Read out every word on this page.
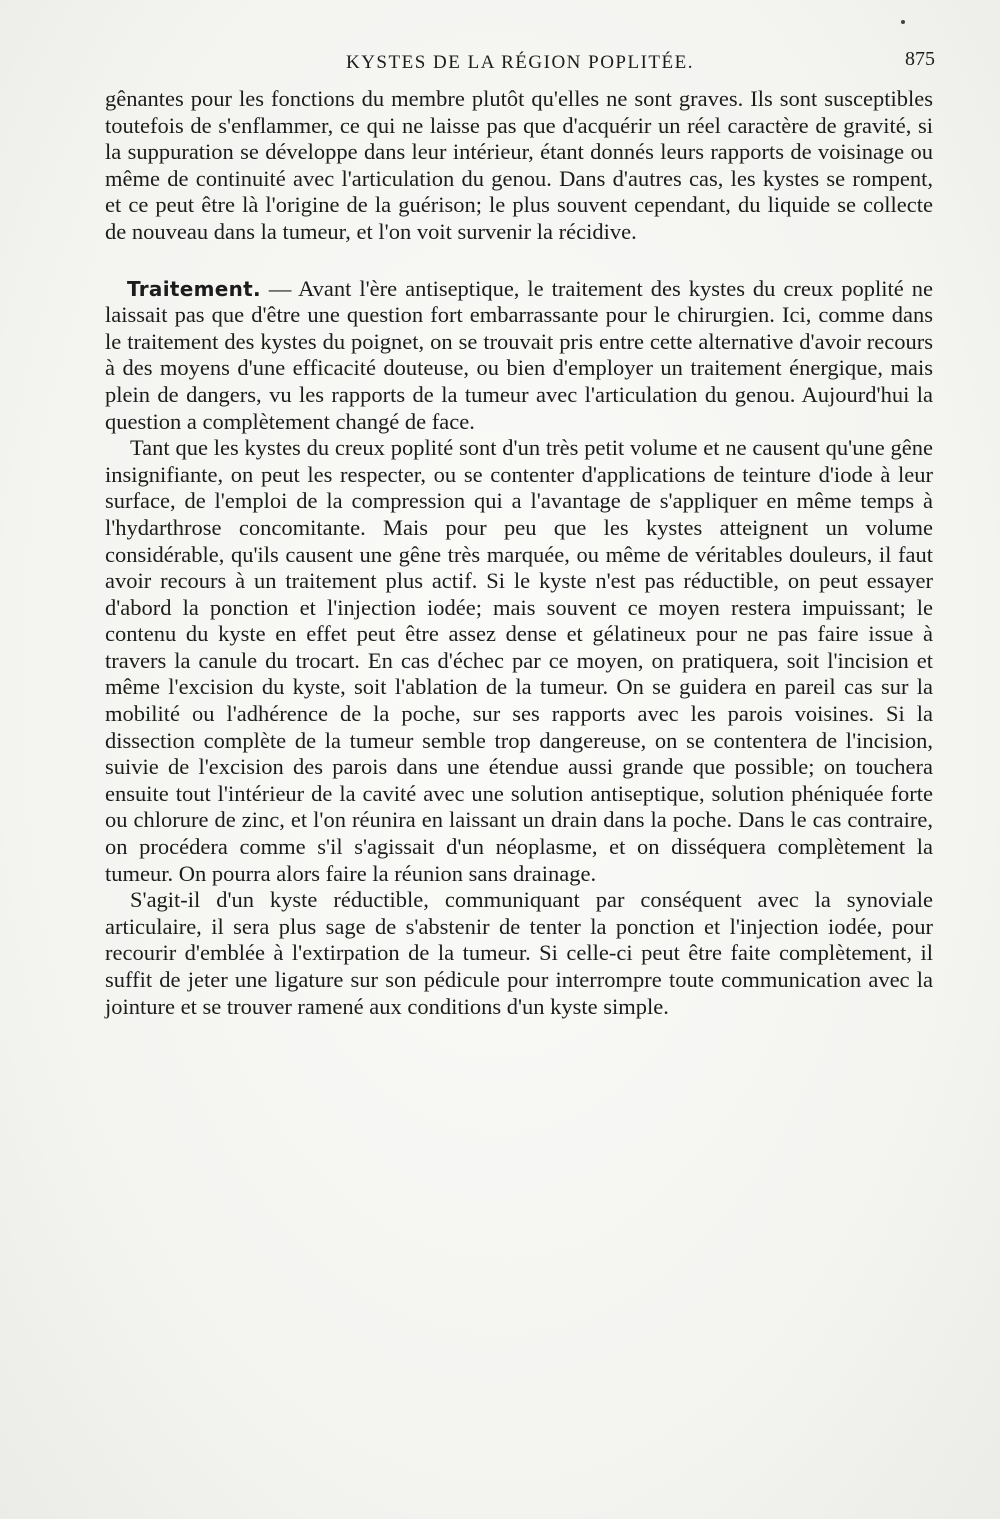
KYSTES DE LA RÉGION POPLITÉE.	875

gênantes pour les fonctions du membre plutôt qu'elles ne sont graves. Ils sont susceptibles toutefois de s'enflammer, ce qui ne laisse pas que d'acquérir un réel caractère de gravité, si la suppuration se développe dans leur intérieur, étant donnés leurs rapports de voisinage ou même de continuité avec l'articulation du genou. Dans d'autres cas, les kystes se rompent, et ce peut être là l'origine de la guérison; le plus souvent cependant, du liquide se collecte de nouveau dans la tumeur, et l'on voit survenir la récidive.

Traitement. — Avant l'ère antiseptique, le traitement des kystes du creux poplité ne laissait pas que d'être une question fort embarrassante pour le chirurgien. Ici, comme dans le traitement des kystes du poignet, on se trouvait pris entre cette alternative d'avoir recours à des moyens d'une efficacité douteuse, ou bien d'employer un traitement énergique, mais plein de dangers, vu les rapports de la tumeur avec l'articulation du genou. Aujourd'hui la question a complètement changé de face.

Tant que les kystes du creux poplité sont d'un très petit volume et ne causent qu'une gêne insignifiante, on peut les respecter, ou se contenter d'applications de teinture d'iode à leur surface, de l'emploi de la compression qui a l'avantage de s'appliquer en même temps à l'hydarthrose concomitante. Mais pour peu que les kystes atteignent un volume considérable, qu'ils causent une gêne très marquée, ou même de véritables douleurs, il faut avoir recours à un traitement plus actif. Si le kyste n'est pas réductible, on peut essayer d'abord la ponction et l'injection iodée; mais souvent ce moyen restera impuissant; le contenu du kyste en effet peut être assez dense et gélatineux pour ne pas faire issue à travers la canule du trocart. En cas d'échec par ce moyen, on pratiquera, soit l'incision et même l'excision du kyste, soit l'ablation de la tumeur. On se guidera en pareil cas sur la mobilité ou l'adhérence de la poche, sur ses rapports avec les parois voisines. Si la dissection complète de la tumeur semble trop dangereuse, on se contentera de l'incision, suivie de l'excision des parois dans une étendue aussi grande que possible; on touchera ensuite tout l'intérieur de la cavité avec une solution antiseptique, solution phéniquée forte ou chlorure de zinc, et l'on réunira en laissant un drain dans la poche. Dans le cas contraire, on procédera comme s'il s'agissait d'un néoplasme, et on disséquera complètement la tumeur. On pourra alors faire la réunion sans drainage.

S'agit-il d'un kyste réductible, communiquant par conséquent avec la synoviale articulaire, il sera plus sage de s'abstenir de tenter la ponction et l'injection iodée, pour recourir d'emblée à l'extirpation de la tumeur. Si celle-ci peut être faite complètement, il suffit de jeter une ligature sur son pédicule pour interrompre toute communication avec la jointure et se trouver ramené aux conditions d'un kyste simple.
